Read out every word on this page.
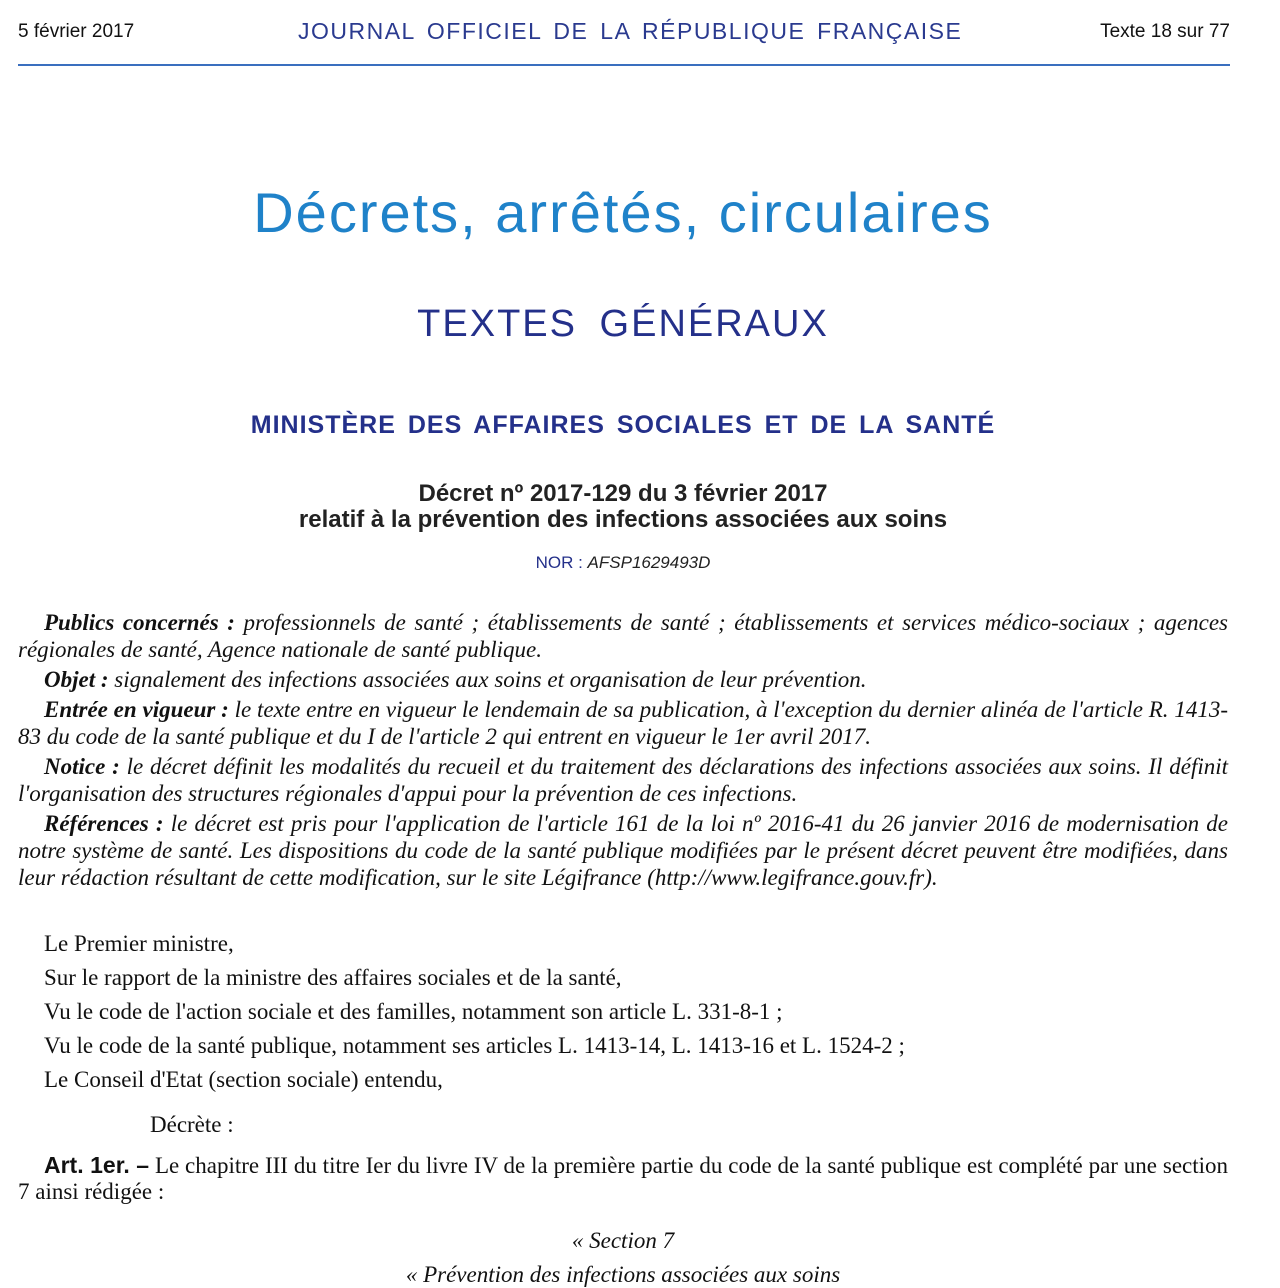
5 février 2017	JOURNAL OFFICIEL DE LA RÉPUBLIQUE FRANÇAISE	Texte 18 sur 77
Décrets, arrêtés, circulaires
TEXTES GÉNÉRAUX
MINISTÈRE DES AFFAIRES SOCIALES ET DE LA SANTÉ
Décret nº 2017-129 du 3 février 2017
relatif à la prévention des infections associées aux soins
NOR : AFSP1629493D

Publics concernés : professionnels de santé ; établissements de santé ; établissements et services médico-sociaux ; agences régionales de santé, Agence nationale de santé publique.

Objet : signalement des infections associées aux soins et organisation de leur prévention.

Entrée en vigueur : le texte entre en vigueur le lendemain de sa publication, à l'exception du dernier alinéa de l'article R. 1413-83 du code de la santé publique et du I de l'article 2 qui entrent en vigueur le 1er avril 2017.

Notice : le décret définit les modalités du recueil et du traitement des déclarations des infections associées aux soins. Il définit l'organisation des structures régionales d'appui pour la prévention de ces infections.

Références : le décret est pris pour l'application de l'article 161 de la loi nº 2016-41 du 26 janvier 2016 de modernisation de notre système de santé. Les dispositions du code de la santé publique modifiées par le présent décret peuvent être modifiées, dans leur rédaction résultant de cette modification, sur le site Légifrance (http://www.legifrance.gouv.fr).

Le Premier ministre,

Sur le rapport de la ministre des affaires sociales et de la santé,

Vu le code de l'action sociale et des familles, notamment son article L. 331-8-1 ;

Vu le code de la santé publique, notamment ses articles L. 1413-14, L. 1413-16 et L. 1524-2 ;

Le Conseil d'Etat (section sociale) entendu,

Décrète :
Art. 1er. – Le chapitre III du titre Ier du livre IV de la première partie du code de la santé publique est complété par une section 7 ainsi rédigée :
« Section 7
« Prévention des infections associées aux soins
